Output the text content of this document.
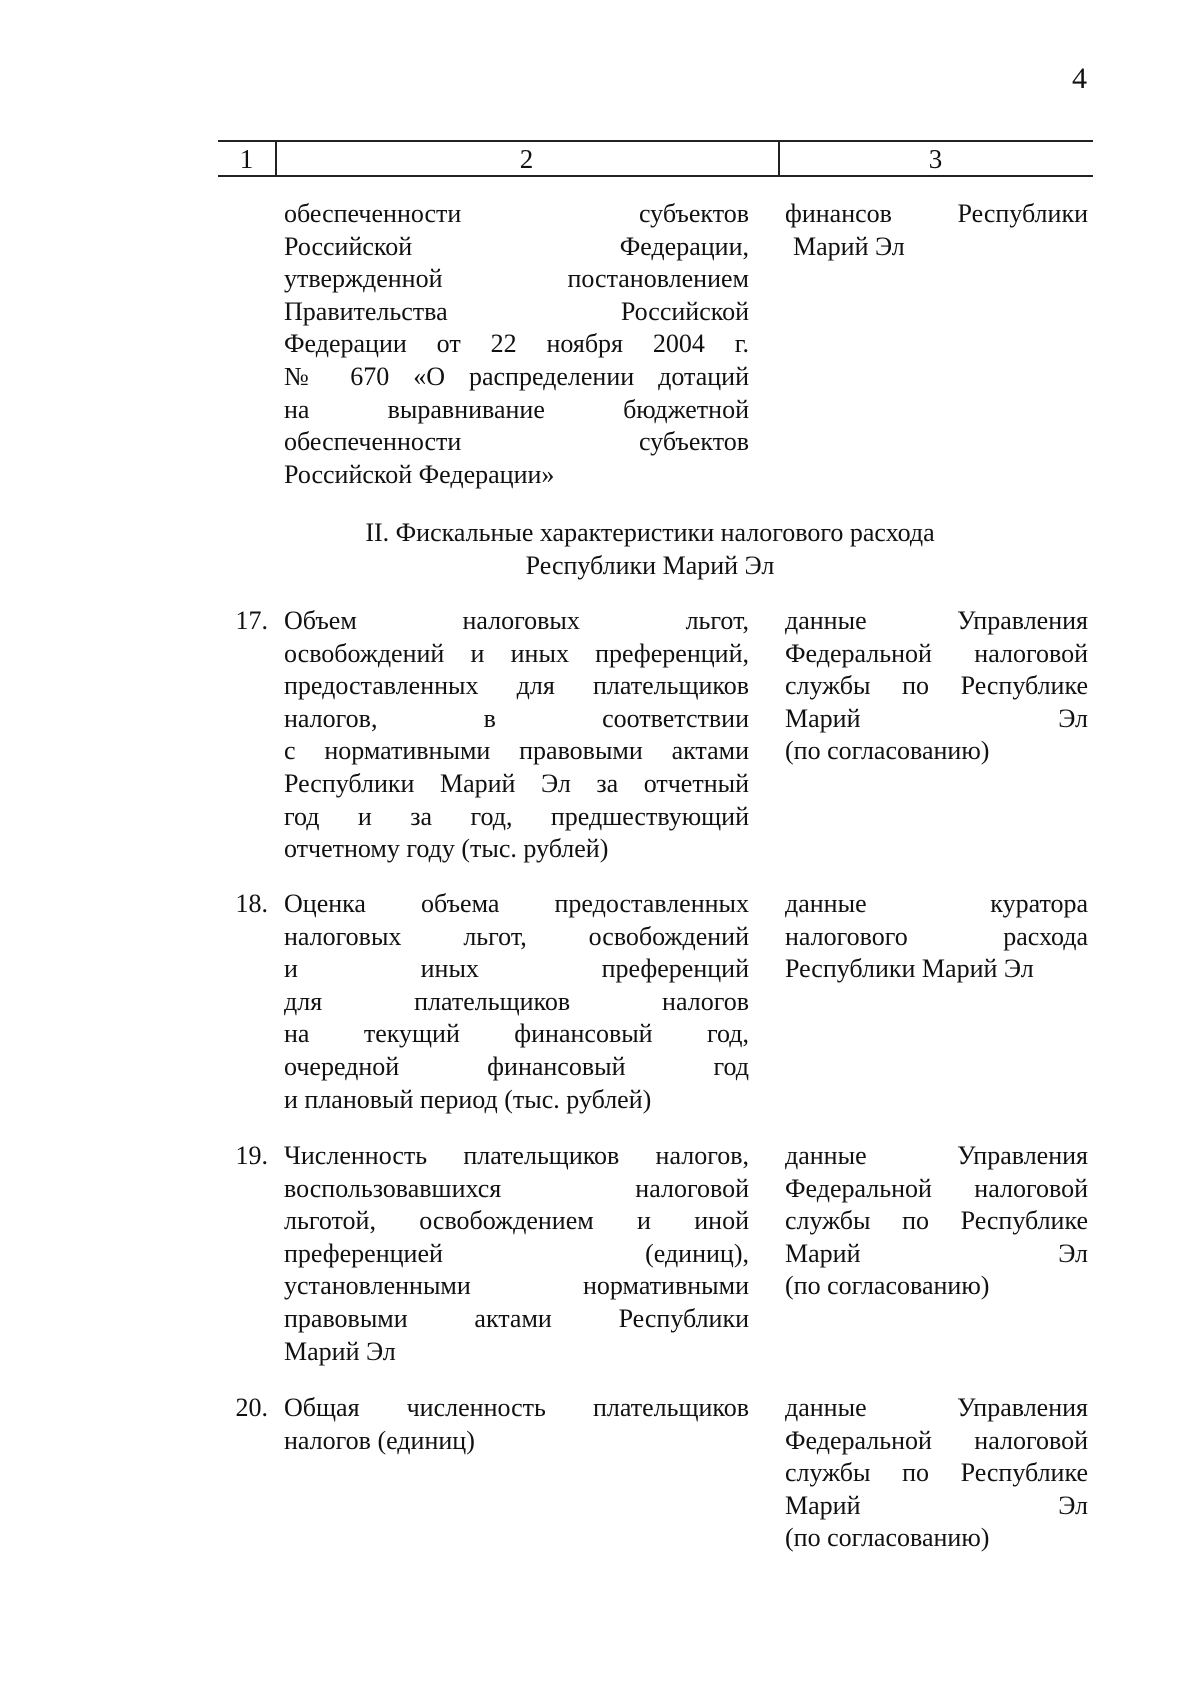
4
1	2	3
обеспеченности субъектов
Российской Федерации,
утвержденной постановлением
Правительства Российской
Федерации от 22 ноября 2004 г.
№ 670 «О распределении дотаций
на выравнивание бюджетной
обеспеченности субъектов
Российской Федерации»
финансов Республики
Марий Эл
II. Фискальные характеристики налогового расхода
Республики Марий Эл
17. Объем налоговых льгот,
освобождений и иных преференций,
предоставленных для плательщиков
налогов, в соответствии
с нормативными правовыми актами
Республики Марий Эл за отчетный
год и за год, предшествующий
отчетному году (тыс. рублей)
данные Управления
Федеральной налоговой
службы по Республике
Марий Эл
(по согласованию)
18. Оценка объема предоставленных
налоговых льгот, освобождений
и иных преференций
для плательщиков налогов
на текущий финансовый год,
очередной финансовый год
и плановый период (тыс. рублей)
данные куратора
налогового расхода
Республики Марий Эл
19. Численность плательщиков налогов,
воспользовавшихся налоговой
льготой, освобождением и иной
преференцией (единиц),
установленными нормативными
правовыми актами Республики
Марий Эл
данные Управления
Федеральной налоговой
службы по Республике
Марий Эл
(по согласованию)
20. Общая численность плательщиков
налогов (единиц)
данные Управления
Федеральной налоговой
службы по Республике
Марий Эл
(по согласованию)
